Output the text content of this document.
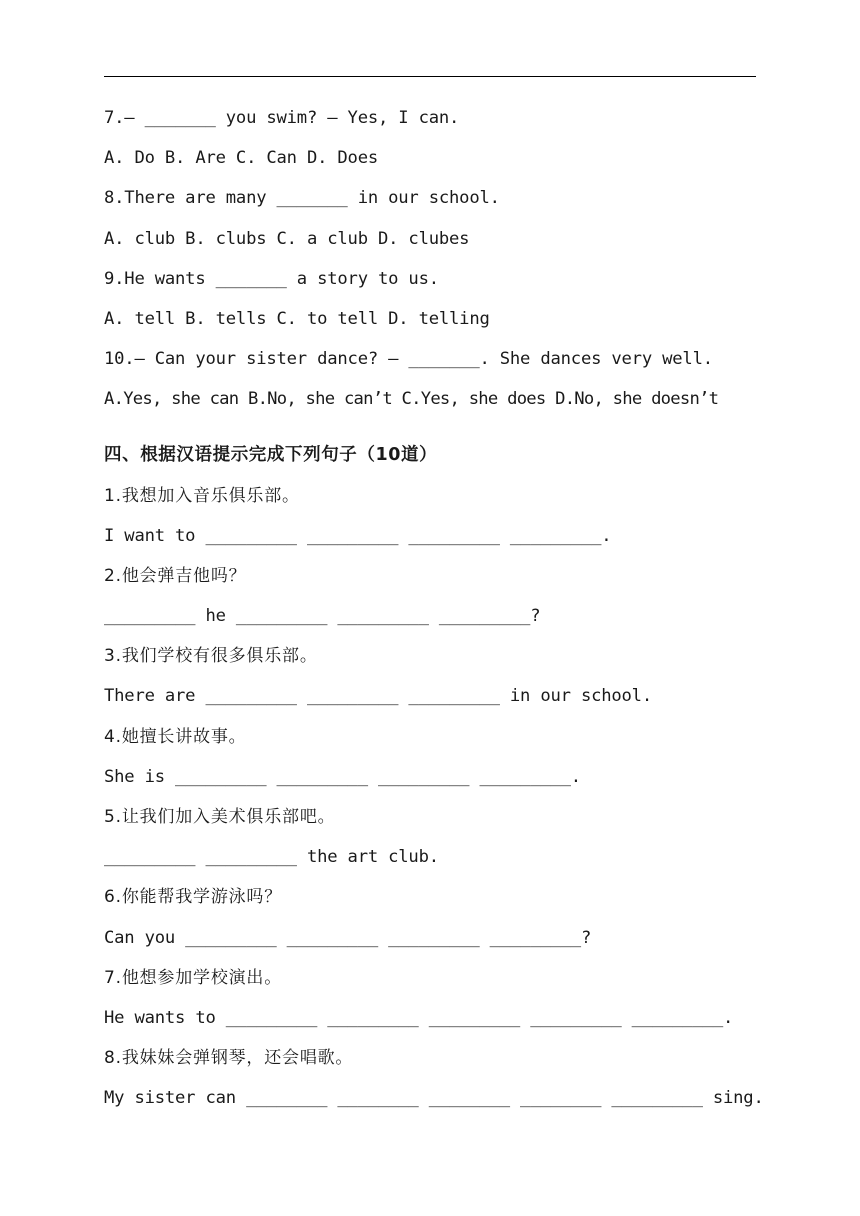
7.— _______ you swim? — Yes, I can.
A. Do B. Are C. Can D. Does
8.There are many _______ in our school.
A. club B. clubs C. a club D. clubes
9.He wants _______ a story to us.
A. tell B. tells C. to tell D. telling
10.— Can your sister dance? — _______. She dances very well.
A.Yes, she can B.No, she can’t C.Yes, she does D.No, she doesn’t
四、根据汉语提示完成下列句子（10道）
1.我想加入音乐俱乐部。
I want to _________ _________ _________ _________.
2.他会弹吉他吗？
_________ he _________ _________ _________?
3.我们学校有很多俱乐部。
There are _________ _________ _________ in our school.
4.她擅长讲故事。
She is _________ _________ _________ _________.
5.让我们加入美术俱乐部吧。
_________ _________ the art club.
6.你能帮我学游泳吗？
Can you _________ _________ _________ _________?
7.他想参加学校演出。
He wants to _________ _________ _________ _________ _________.
8.我妹妹会弹钢琴，还会唱歌。
My sister can ________ ________ ________ ________ _________ sing.
